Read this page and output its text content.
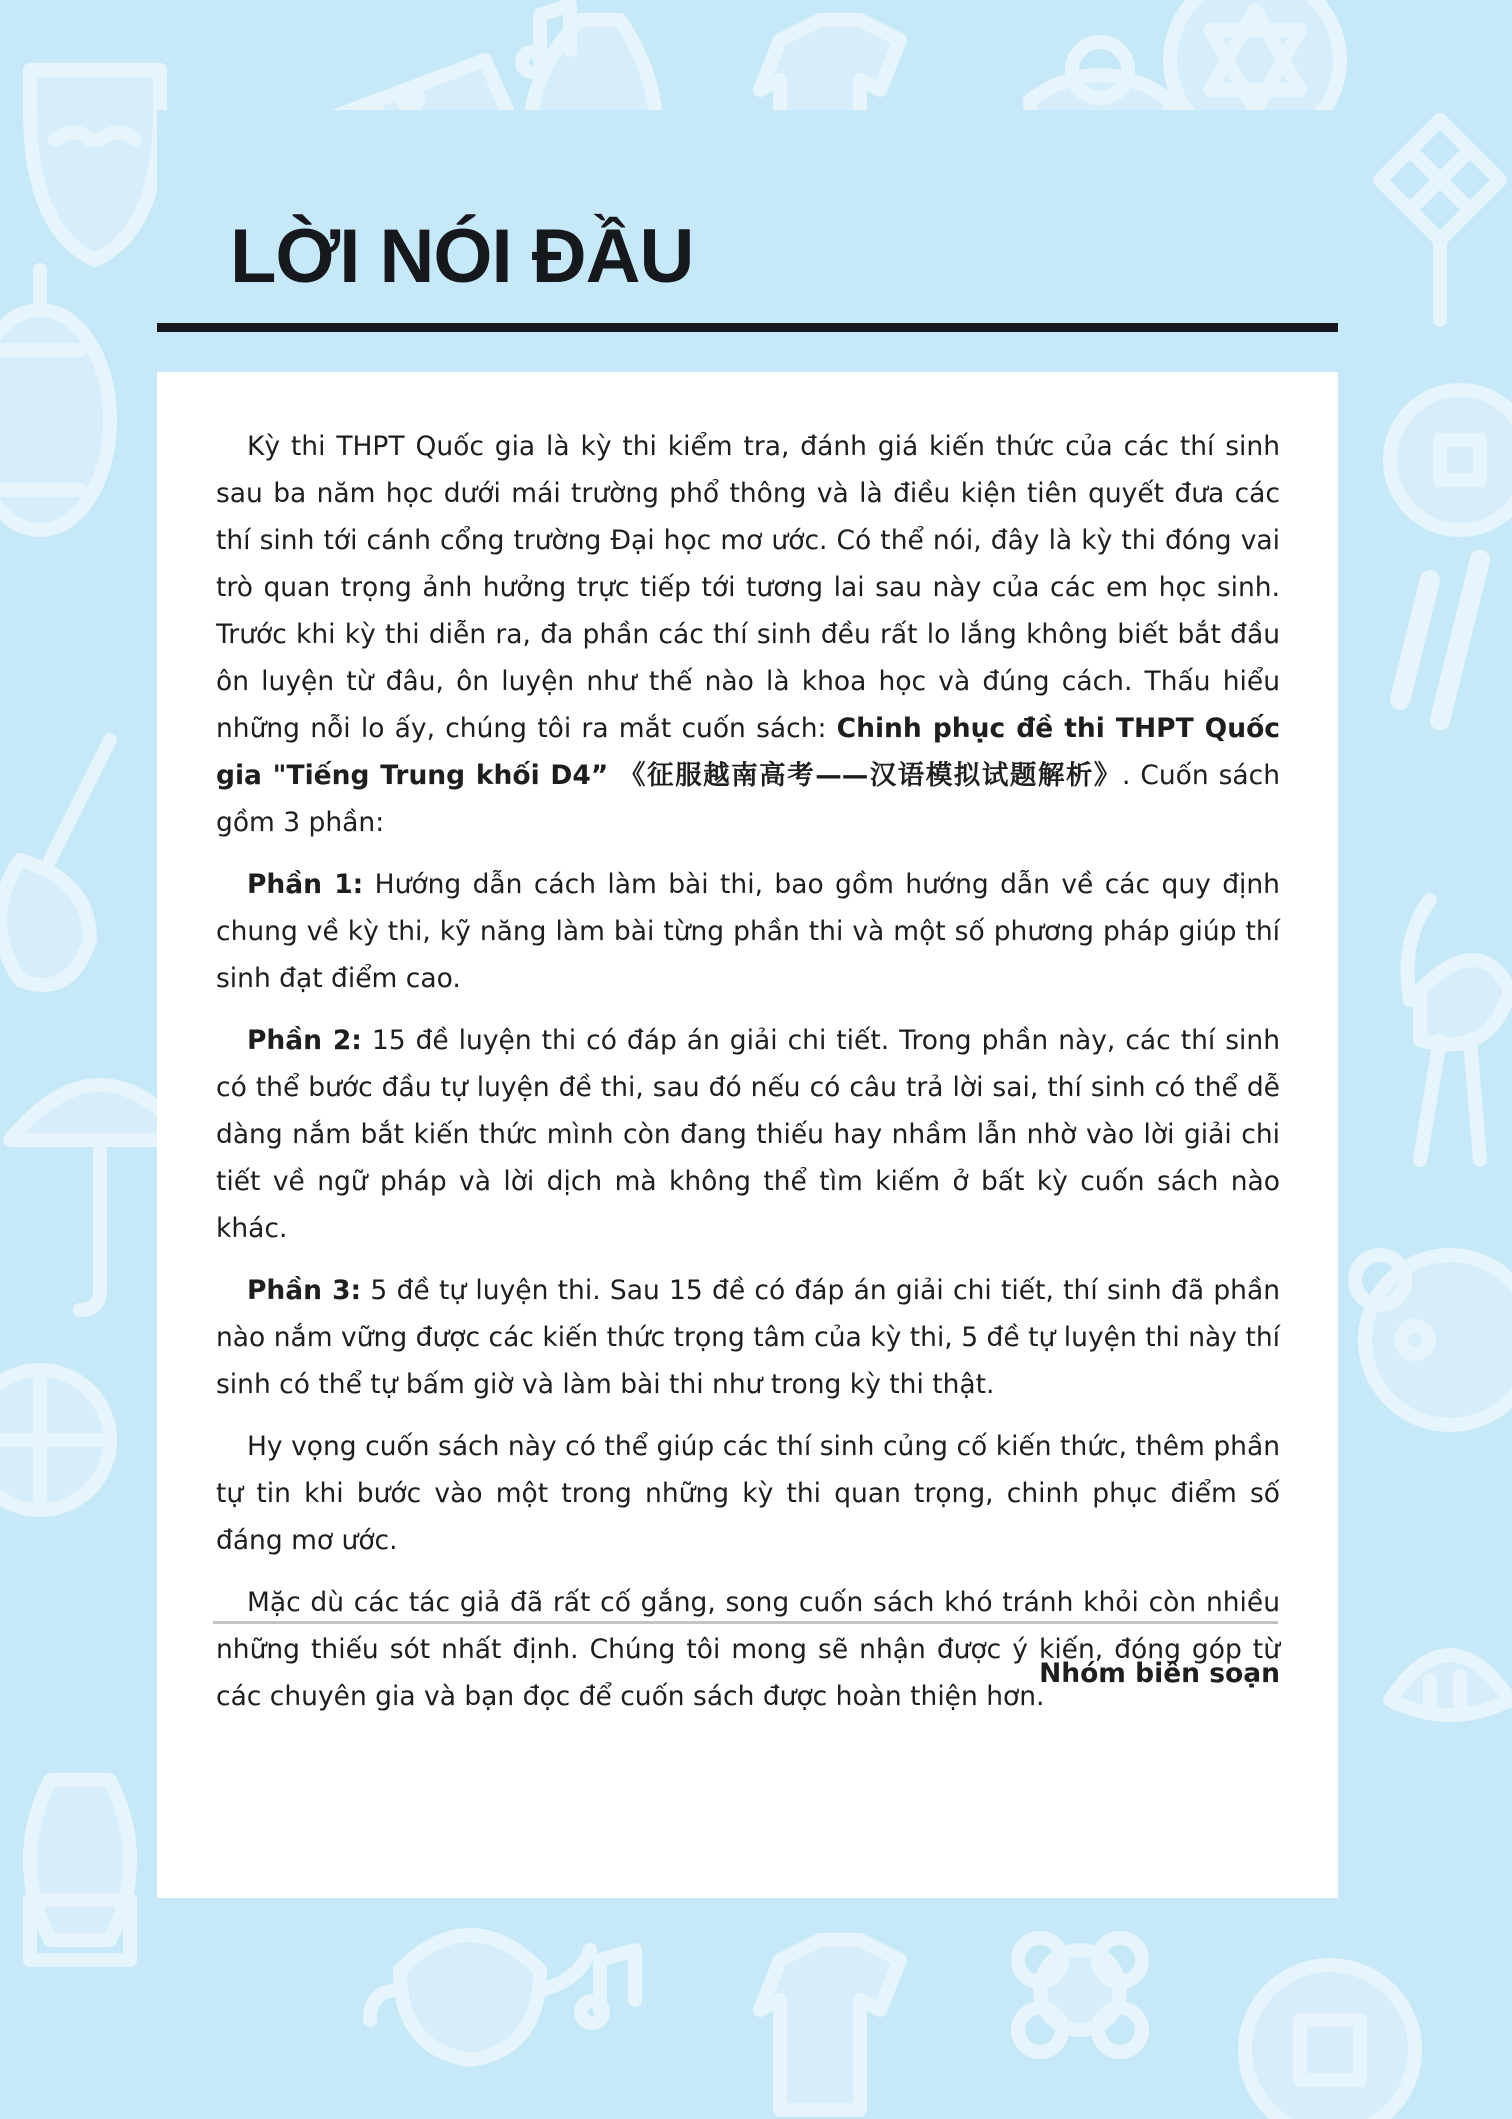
LỜI NÓI ĐẦU

Kỳ thi THPT Quốc gia là kỳ thi kiểm tra, đánh giá kiến thức của các thí sinh sau ba năm học dưới mái trường phổ thông và là điều kiện tiên quyết đưa các thí sinh tới cánh cổng trường Đại học mơ ước. Có thể nói, đây là kỳ thi đóng vai trò quan trọng ảnh hưởng trực tiếp tới tương lai sau này của các em học sinh. Trước khi kỳ thi diễn ra, đa phần các thí sinh đều rất lo lắng không biết bắt đầu ôn luyện từ đâu, ôn luyện như thế nào là khoa học và đúng cách. Thấu hiểu những nỗi lo ấy, chúng tôi ra mắt cuốn sách: Chinh phục đề thi THPT Quốc gia "Tiếng Trung khối D4” 《征服越南高考——汉语模拟试题解析》. Cuốn sách gồm 3 phần:

Phần 1: Hướng dẫn cách làm bài thi, bao gồm hướng dẫn về các quy định chung về kỳ thi, kỹ năng làm bài từng phần thi và một số phương pháp giúp thí sinh đạt điểm cao.

Phần 2: 15 đề luyện thi có đáp án giải chi tiết. Trong phần này, các thí sinh có thể bước đầu tự luyện đề thi, sau đó nếu có câu trả lời sai, thí sinh có thể dễ dàng nắm bắt kiến thức mình còn đang thiếu hay nhầm lẫn nhờ vào lời giải chi tiết về ngữ pháp và lời dịch mà không thể tìm kiếm ở bất kỳ cuốn sách nào khác.

Phần 3: 5 đề tự luyện thi. Sau 15 đề có đáp án giải chi tiết, thí sinh đã phần nào nắm vững được các kiến thức trọng tâm của kỳ thi, 5 đề tự luyện thi này thí sinh có thể tự bấm giờ và làm bài thi như trong kỳ thi thật.

Hy vọng cuốn sách này có thể giúp các thí sinh củng cố kiến thức, thêm phần tự tin khi bước vào một trong những kỳ thi quan trọng, chinh phục điểm số đáng mơ ước.

Mặc dù các tác giả đã rất cố gắng, song cuốn sách khó tránh khỏi còn nhiều những thiếu sót nhất định. Chúng tôi mong sẽ nhận được ý kiến, đóng góp từ các chuyên gia và bạn đọc để cuốn sách được hoàn thiện hơn.

Nhóm biên soạn
